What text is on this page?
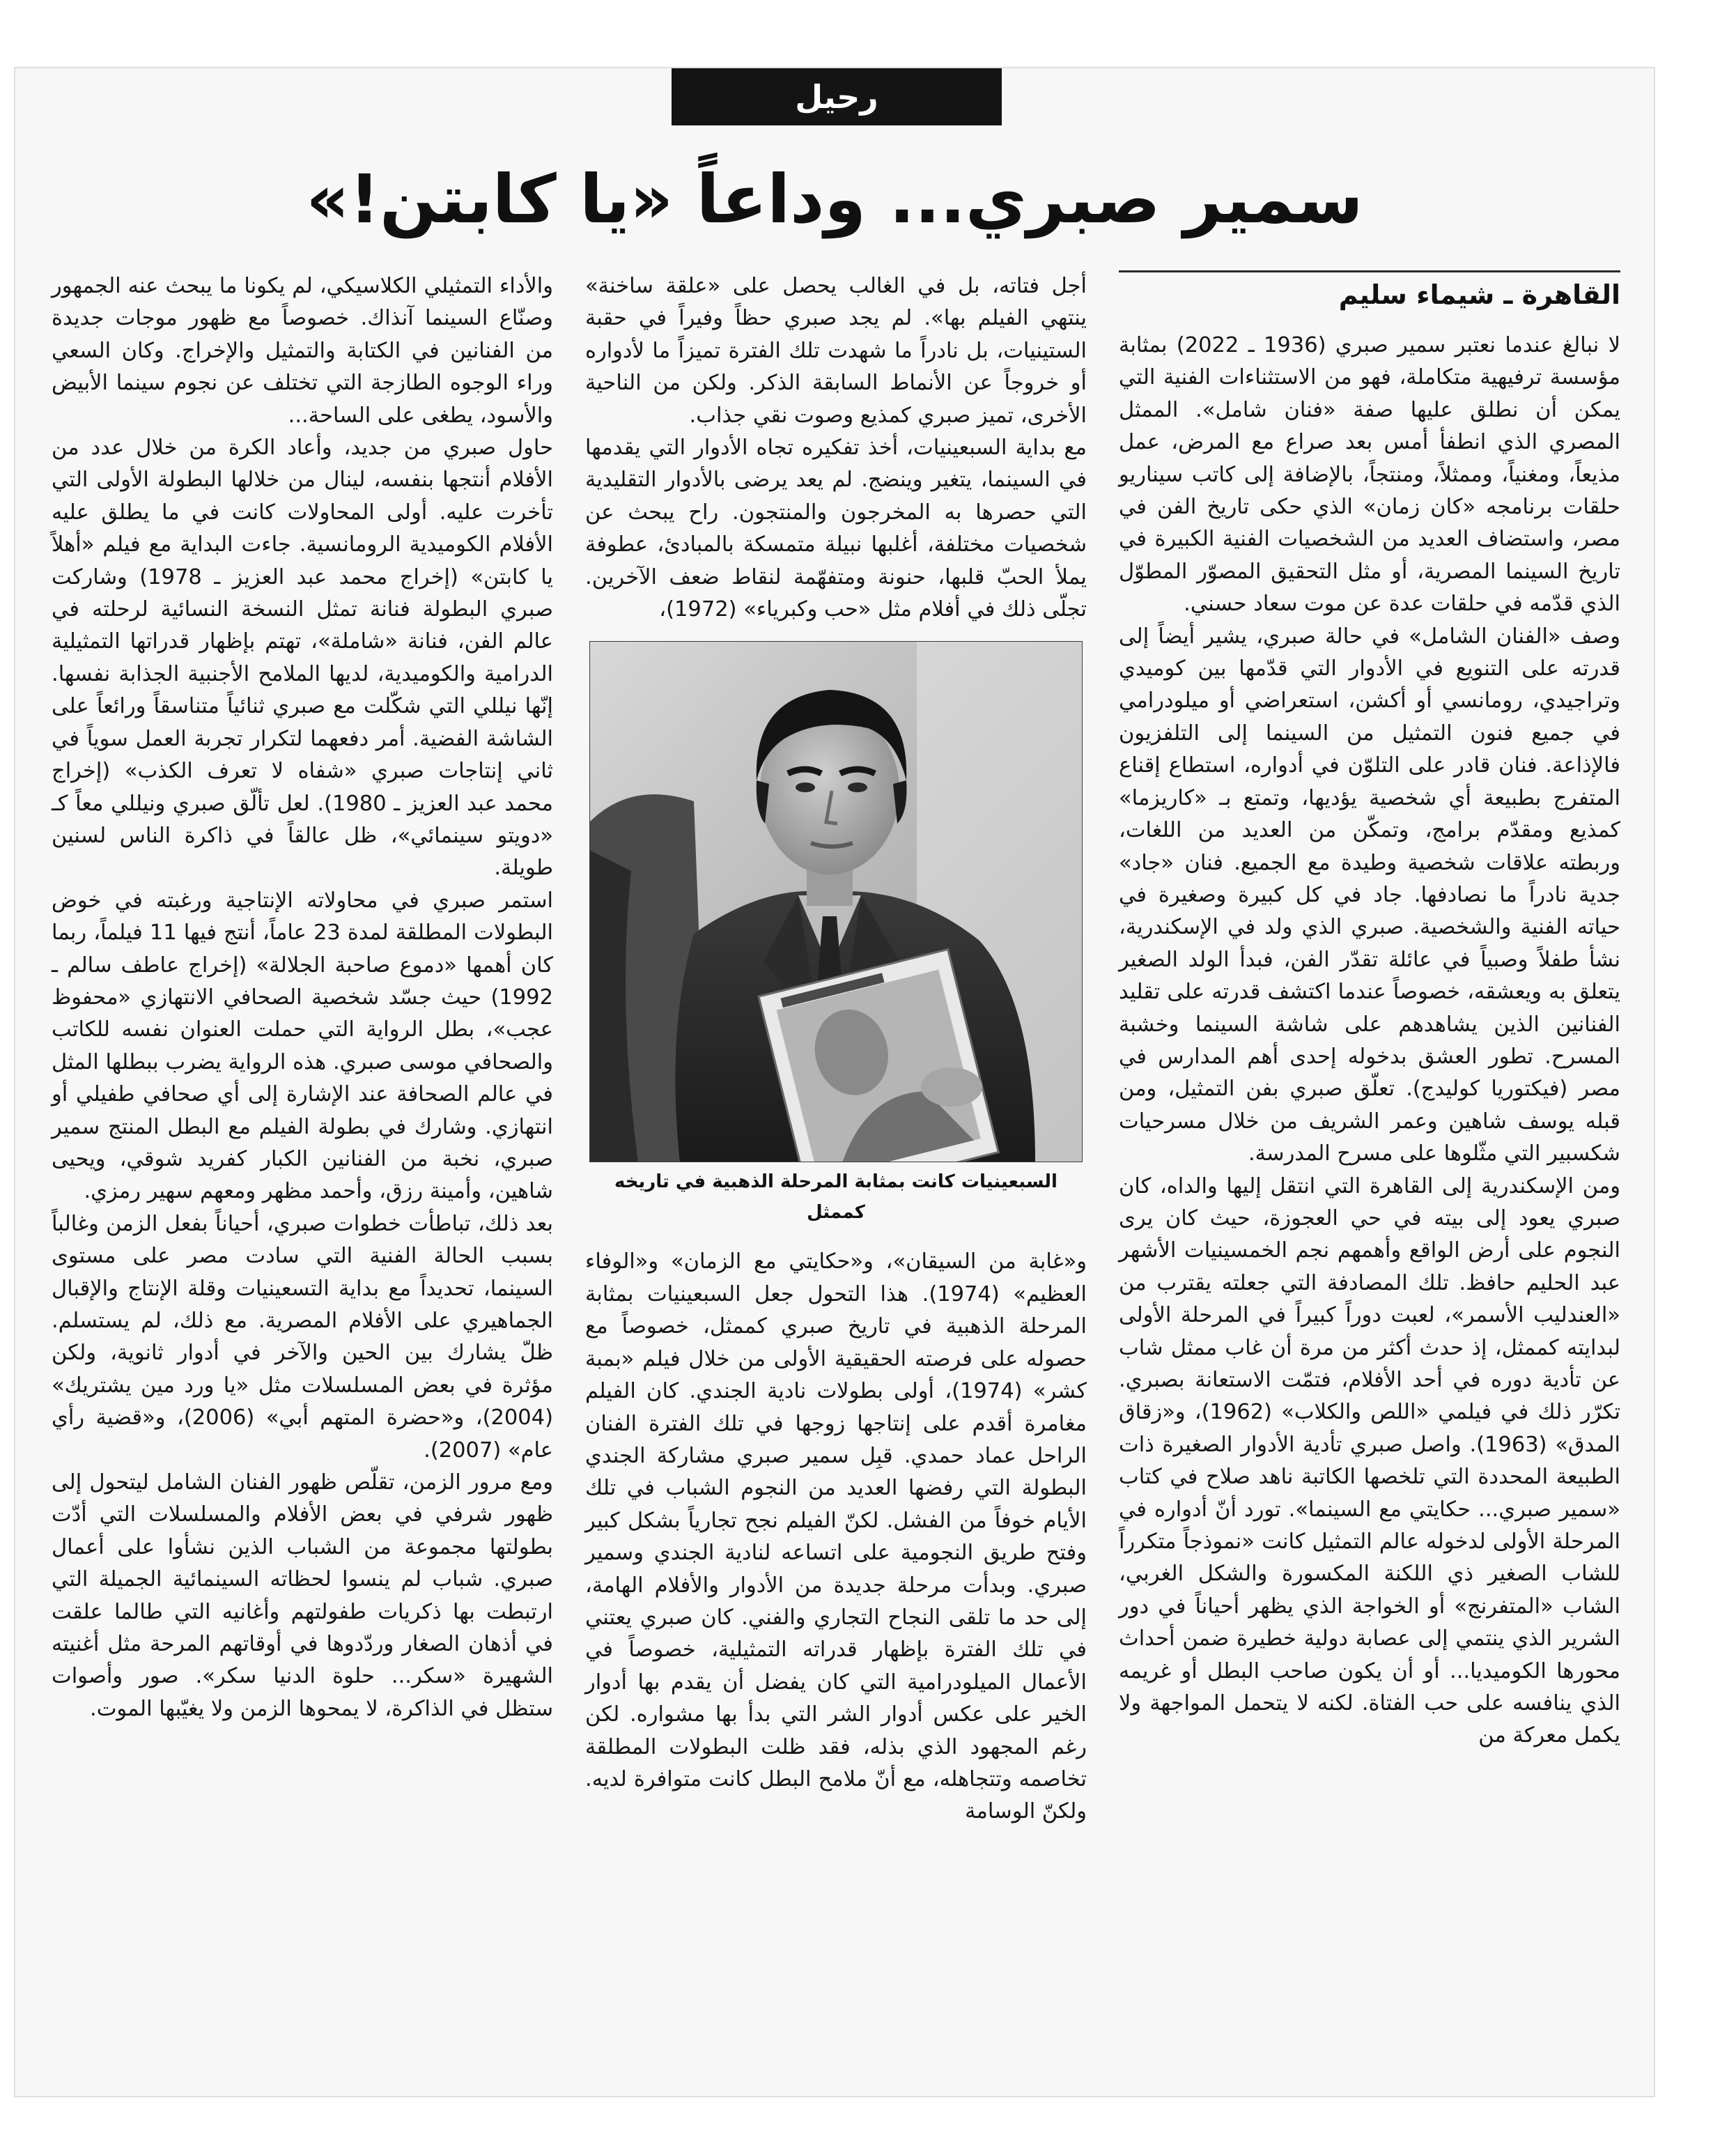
رحيل
سمير صبري... وداعاً «يا كابتن!»
القاهرة ـ شيماء سليم

لا نبالغ عندما نعتبر سمير صبري (1936 ـ 2022) بمثابة مؤسسة ترفيهية متكاملة، فهو من الاستثناءات الفنية التي يمكن أن نطلق عليها صفة «فنان شامل». الممثل المصري الذي انطفأ أمس بعد صراع مع المرض، عمل مذيعاً، ومغنياً، وممثلاً، ومنتجاً، بالإضافة إلى كاتب سيناريو حلقات برنامجه «كان زمان» الذي حكى تاريخ الفن في مصر، واستضاف العديد من الشخصيات الفنية الكبيرة في تاريخ السينما المصرية، أو مثل التحقيق المصوّر المطوّل الذي قدّمه في حلقات عدة عن موت سعاد حسني.

وصف «الفنان الشامل» في حالة صبري، يشير أيضاً إلى قدرته على التنويع في الأدوار التي قدّمها بين كوميدي وتراجيدي، رومانسي أو أكشن، استعراضي أو ميلودرامي في جميع فنون التمثيل من السينما إلى التلفزيون فالإذاعة. فنان قادر على التلوّن في أدواره، استطاع إقناع المتفرج بطبيعة أي شخصية يؤديها، وتمتع بـ «كاريزما» كمذيع ومقدّم برامج، وتمكّن من العديد من اللغات، وربطته علاقات شخصية وطيدة مع الجميع. فنان «جاد» جدية نادراً ما نصادفها. جاد في كل كبيرة وصغيرة في حياته الفنية والشخصية. صبري الذي ولد في الإسكندرية، نشأ طفلاً وصبياً في عائلة تقدّر الفن، فبدأ الولد الصغير يتعلق به ويعشقه، خصوصاً عندما اكتشف قدرته على تقليد الفنانين الذين يشاهدهم على شاشة السينما وخشبة المسرح. تطور العشق بدخوله إحدى أهم المدارس في مصر (فيكتوريا كوليدج). تعلّق صبري بفن التمثيل، ومن قبله يوسف شاهين وعمر الشريف من خلال مسرحيات شكسبير التي مثّلوها على مسرح المدرسة.

ومن الإسكندرية إلى القاهرة التي انتقل إليها والداه، كان صبري يعود إلى بيته في حي العجوزة، حيث كان يرى النجوم على أرض الواقع وأهمهم نجم الخمسينيات الأشهر عبد الحليم حافظ. تلك المصادفة التي جعلته يقترب من «العندليب الأسمر»، لعبت دوراً كبيراً في المرحلة الأولى لبدايته كممثل، إذ حدث أكثر من مرة أن غاب ممثل شاب عن تأدية دوره في أحد الأفلام، فتمّت الاستعانة بصبري. تكرّر ذلك في فيلمي «اللص والكلاب» (1962)، و«زقاق المدق» (1963). واصل صبري تأدية الأدوار الصغيرة ذات الطبيعة المحددة التي تلخصها الكاتبة ناهد صلاح في كتاب «سمير صبري... حكايتي مع السينما». تورد أنّ أدواره في المرحلة الأولى لدخوله عالم التمثيل كانت «نموذجاً متكرراً للشاب الصغير ذي اللكنة المكسورة والشكل الغربي، الشاب «المتفرنج» أو الخواجة الذي يظهر أحياناً في دور الشرير الذي ينتمي إلى عصابة دولية خطيرة ضمن أحداث محورها الكوميديا... أو أن يكون صاحب البطل أو غريمه الذي ينافسه على حب الفتاة. لكنه لا يتحمل المواجهة ولا يكمل معركة من

أجل فتاته، بل في الغالب يحصل على «علقة ساخنة» ينتهي الفيلم بها». لم يجد صبري حظاً وفيراً في حقبة الستينيات، بل نادراً ما شهدت تلك الفترة تميزاً ما لأدواره أو خروجاً عن الأنماط السابقة الذكر. ولكن من الناحية الأخرى، تميز صبري كمذيع وصوت نقي جذاب.

مع بداية السبعينيات، أخذ تفكيره تجاه الأدوار التي يقدمها في السينما، يتغير وينضج. لم يعد يرضى بالأدوار التقليدية التي حصرها به المخرجون والمنتجون. راح يبحث عن شخصيات مختلفة، أغلبها نبيلة متمسكة بالمبادئ، عطوفة يملأ الحبّ قلبها، حنونة ومتفهّمة لنقاط ضعف الآخرين. تجلّى ذلك في أفلام مثل «حب وكبرياء» (1972)،

السبعينيات كانت بمثابة المرحلة الذهبية في تاريخه كممثل

و«غابة من السيقان»، و«حكايتي مع الزمان» و«الوفاء العظيم» (1974). هذا التحول جعل السبعينيات بمثابة المرحلة الذهبية في تاريخ صبري كممثل، خصوصاً مع حصوله على فرصته الحقيقية الأولى من خلال فيلم «بمبة كشر» (1974)، أولى بطولات نادية الجندي. كان الفيلم مغامرة أقدم على إنتاجها زوجها في تلك الفترة الفنان الراحل عماد حمدي. قبِل سمير صبري مشاركة الجندي البطولة التي رفضها العديد من النجوم الشباب في تلك الأيام خوفاً من الفشل. لكنّ الفيلم نجح تجارياً بشكل كبير وفتح طريق النجومية على اتساعه لنادية الجندي وسمير صبري. وبدأت مرحلة جديدة من الأدوار والأفلام الهامة، إلى حد ما تلقى النجاح التجاري والفني. كان صبري يعتني في تلك الفترة بإظهار قدراته التمثيلية، خصوصاً في الأعمال الميلودرامية التي كان يفضل أن يقدم بها أدوار الخير على عكس أدوار الشر التي بدأ بها مشواره. لكن رغم المجهود الذي بذله، فقد ظلت البطولات المطلقة تخاصمه وتتجاهله، مع أنّ ملامح البطل كانت متوافرة لديه. ولكنّ الوسامة

والأداء التمثيلي الكلاسيكي، لم يكونا ما يبحث عنه الجمهور وصنّاع السينما آنذاك. خصوصاً مع ظهور موجات جديدة من الفنانين في الكتابة والتمثيل والإخراج. وكان السعي وراء الوجوه الطازجة التي تختلف عن نجوم سينما الأبيض والأسود، يطغى على الساحة...

حاول صبري من جديد، وأعاد الكرة من خلال عدد من الأفلام أنتجها بنفسه، لينال من خلالها البطولة الأولى التي تأخرت عليه. أولى المحاولات كانت في ما يطلق عليه الأفلام الكوميدية الرومانسية. جاءت البداية مع فيلم «أهلاً يا كابتن» (إخراج محمد عبد العزيز ـ 1978) وشاركت صبري البطولة فنانة تمثل النسخة النسائية لرحلته في عالم الفن، فنانة «شاملة»، تهتم بإظهار قدراتها التمثيلية الدرامية والكوميدية، لديها الملامح الأجنبية الجذابة نفسها. إنّها نيللي التي شكّلت مع صبري ثنائياً متناسقاً ورائعاً على الشاشة الفضية. أمر دفعهما لتكرار تجربة العمل سوياً في ثاني إنتاجات صبري «شفاه لا تعرف الكذب» (إخراج محمد عبد العزيز ـ 1980). لعل تألّق صبري ونيللي معاً كـ «دويتو سينمائي»، ظل عالقاً في ذاكرة الناس لسنين طويلة.

استمر صبري في محاولاته الإنتاجية ورغبته في خوض البطولات المطلقة لمدة 23 عاماً، أنتج فيها 11 فيلماً، ربما كان أهمها «دموع صاحبة الجلالة» (إخراج عاطف سالم ـ 1992) حيث جسّد شخصية الصحافي الانتهازي «محفوظ عجب»، بطل الرواية التي حملت العنوان نفسه للكاتب والصحافي موسى صبري. هذه الرواية يضرب ببطلها المثل في عالم الصحافة عند الإشارة إلى أي صحافي طفيلي أو انتهازي. وشارك في بطولة الفيلم مع البطل المنتج سمير صبري، نخبة من الفنانين الكبار كفريد شوقي، ويحيى شاهين، وأمينة رزق، وأحمد مظهر ومعهم سهير رمزي.

بعد ذلك، تباطأت خطوات صبري، أحياناً بفعل الزمن وغالباً بسبب الحالة الفنية التي سادت مصر على مستوى السينما، تحديداً مع بداية التسعينيات وقلة الإنتاج والإقبال الجماهيري على الأفلام المصرية. مع ذلك، لم يستسلم. ظلّ يشارك بين الحين والآخر في أدوار ثانوية، ولكن مؤثرة في بعض المسلسلات مثل «يا ورد مين يشتريك» (2004)، و«حضرة المتهم أبي» (2006)، و«قضية رأي عام» (2007).

ومع مرور الزمن، تقلّص ظهور الفنان الشامل ليتحول إلى ظهور شرفي في بعض الأفلام والمسلسلات التي أدّت بطولتها مجموعة من الشباب الذين نشأوا على أعمال صبري. شباب لم ينسوا لحظاته السينمائية الجميلة التي ارتبطت بها ذكريات طفولتهم وأغانيه التي طالما علقت في أذهان الصغار وردّدوها في أوقاتهم المرحة مثل أغنيته الشهيرة «سكر... حلوة الدنيا سكر». صور وأصوات ستظل في الذاكرة، لا يمحوها الزمن ولا يغيّبها الموت.
